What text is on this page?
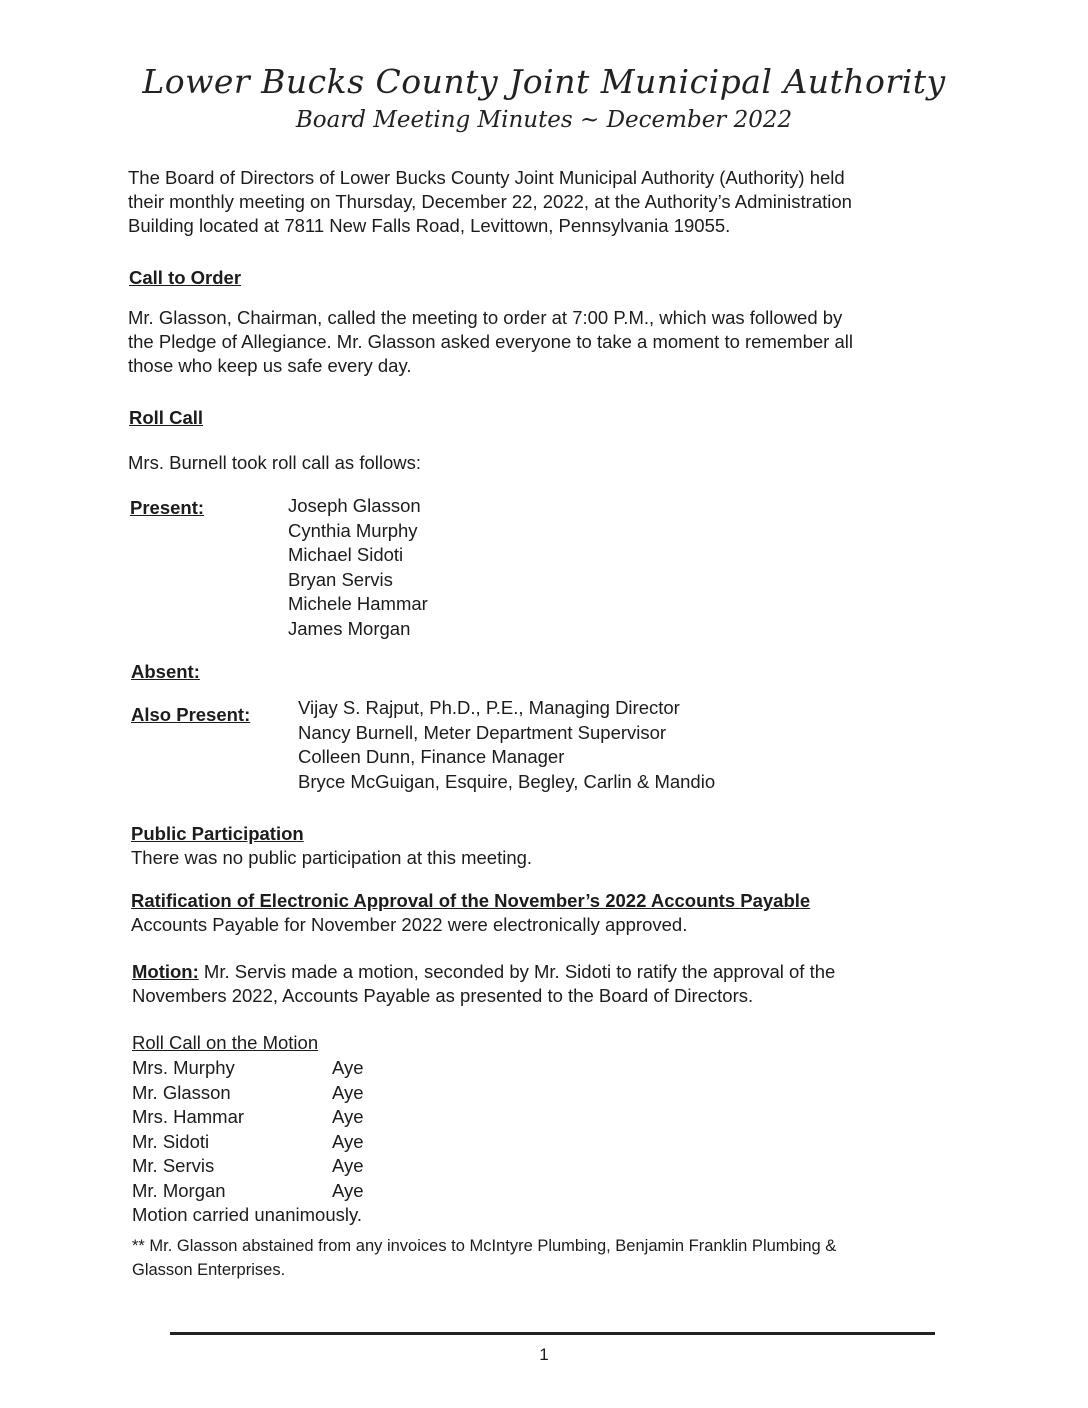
Lower Bucks County Joint Municipal Authority
Board Meeting Minutes ~ December 2022
The Board of Directors of Lower Bucks County Joint Municipal Authority (Authority) held
their monthly meeting on Thursday, December 22, 2022, at the Authority’s Administration
Building located at 7811 New Falls Road, Levittown, Pennsylvania 19055.
Call to Order
Mr. Glasson, Chairman, called the meeting to order at 7:00 P.M., which was followed by
the Pledge of Allegiance. Mr. Glasson asked everyone to take a moment to remember all
those who keep us safe every day.
Roll Call
Mrs. Burnell took roll call as follows:
Present:	Joseph Glasson
Cynthia Murphy
Michael Sidoti
Bryan Servis
Michele Hammar
James Morgan
Absent:
Also Present:	Vijay S. Rajput, Ph.D., P.E., Managing Director
Nancy Burnell, Meter Department Supervisor
Colleen Dunn, Finance Manager
Bryce McGuigan, Esquire, Begley, Carlin & Mandio
Public Participation
There was no public participation at this meeting.
Ratification of Electronic Approval of the November’s 2022 Accounts Payable
Accounts Payable for November 2022 were electronically approved.
Motion: Mr. Servis made a motion, seconded by Mr. Sidoti to ratify the approval of the
Novembers 2022, Accounts Payable as presented to the Board of Directors.
Roll Call on the Motion
Mrs. Murphy	Aye
Mr. Glasson	Aye
Mrs. Hammar	Aye
Mr. Sidoti	Aye
Mr. Servis	Aye
Mr. Morgan	Aye
Motion carried unanimously.
** Mr. Glasson abstained from any invoices to McIntyre Plumbing, Benjamin Franklin Plumbing &
Glasson Enterprises.
1
